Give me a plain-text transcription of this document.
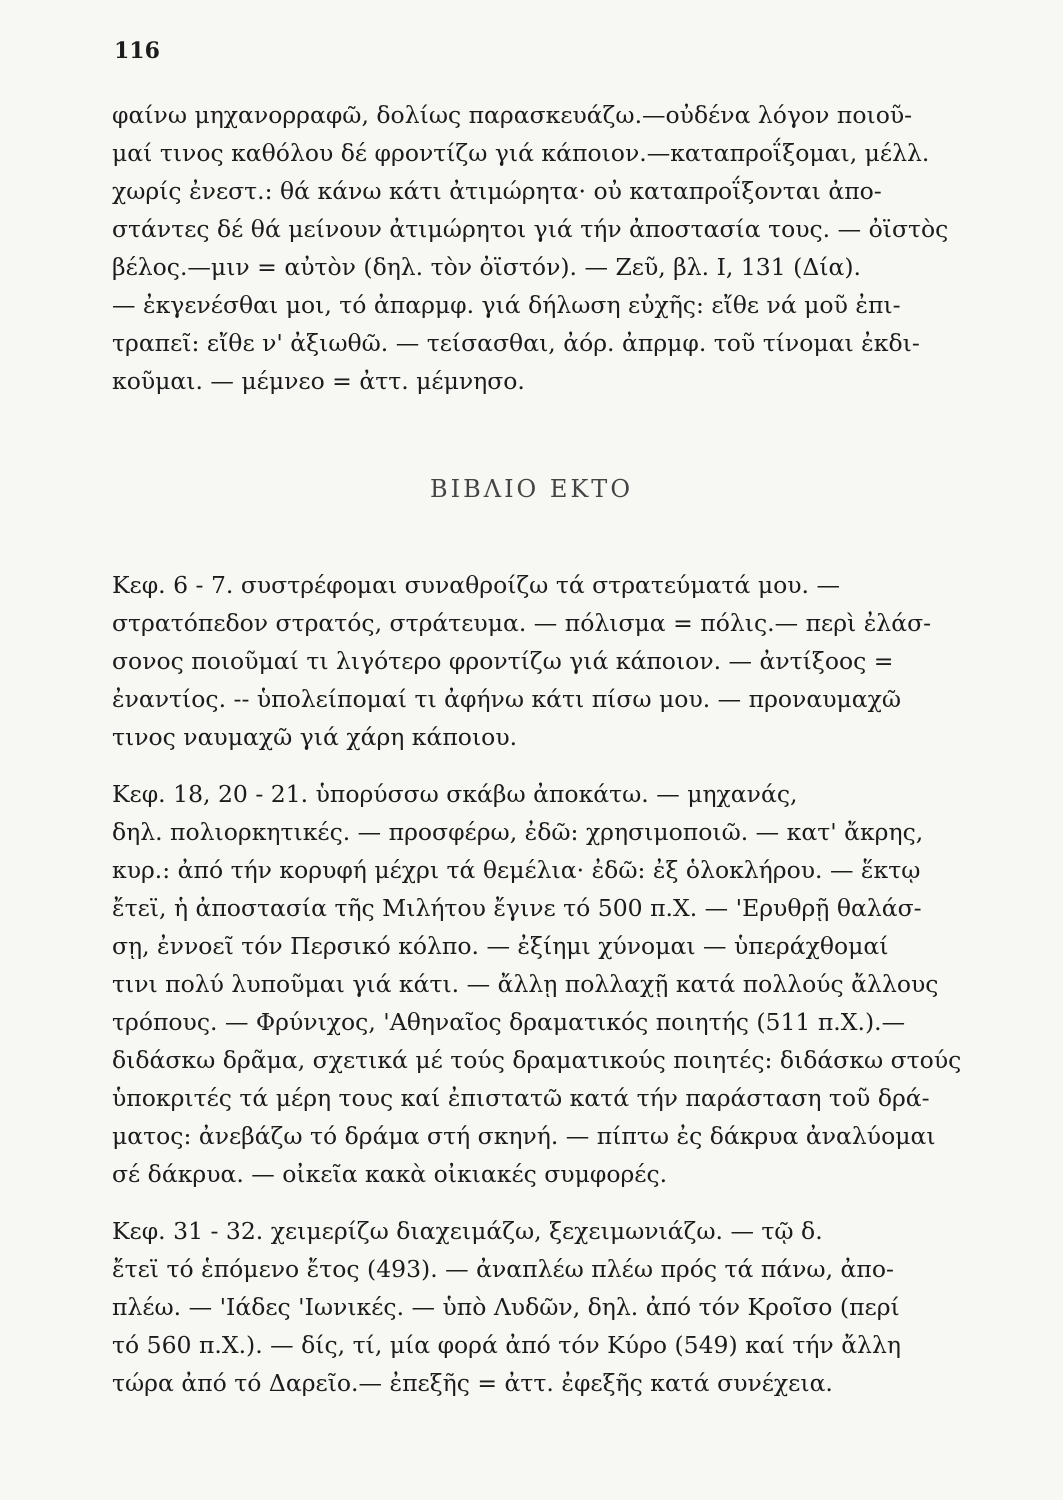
116
φαίνω μηχανορραφῶ, δολίως παρασκευάζω.—οὐδένα λόγον ποιοῦ-
μαί τινος καθόλου δέ φροντίζω γιά κάποιον.—καταπροΐξομαι, μέλλ.
χωρίς ἐνεστ.: θά κάνω κάτι ἀτιμώρητα· οὐ καταπροΐξονται ἀπο-
στάντες δέ θά μείνουν ἀτιμώρητοι γιά τήν ἀποστασία τους. — ὀϊστὸς
βέλος.—μιν = αὐτὸν (δηλ. τὸν ὀϊστόν). — Ζεῦ, βλ. Ι, 131 (Δία).
— ἐκγενέσθαι μοι, τό ἀπαρμφ. γιά δήλωση εὐχῆς: εἴθε νά μοῦ ἐπι-
τραπεῖ: εἴθε ν' ἀξιωθῶ. — τείσασθαι, ἀόρ. ἀπρμφ. τοῦ τίνομαι ἐκδι-
κοῦμαι. — μέμνεο = ἀττ. μέμνησο.
ΒΙΒΛΙΟ ΕΚΤΟ
Κεφ. 6 - 7. συστρέφομαι συναθροίζω τά στρατεύματά μου. —
στρατόπεδον στρατός, στράτευμα. — πόλισμα = πόλις.— περὶ ἐλάσ-
σονος ποιοῦμαί τι λιγότερο φροντίζω γιά κάποιον. — ἀντίξοος =
ἐναντίος. -- ὑπολείπομαί τι ἀφήνω κάτι πίσω μου. — προναυμαχῶ
τινος ναυμαχῶ γιά χάρη κάποιου.
Κεφ. 18, 20 - 21. ὑπορύσσω σκάβω ἀποκάτω. — μηχανάς,
δηλ. πολιορκητικές. — προσφέρω, ἐδῶ: χρησιμοποιῶ. — κατ' ἄκρης,
κυρ.: ἀπό τήν κορυφή μέχρι τά θεμέλια· ἐδῶ: ἐξ ὁλοκλήρου. — ἕκτῳ
ἔτεϊ, ἡ ἀποστασία τῆς Μιλήτου ἔγινε τό 500 π.Χ. — 'Ερυθρῇ θαλάσ-
σῃ, ἐννοεῖ τόν Περσικό κόλπο. — ἐξίημι χύνομαι — ὑπεράχθομαί
τινι πολύ λυποῦμαι γιά κάτι. — ἄλλῃ πολλαχῇ κατά πολλούς ἄλλους
τρόπους. — Φρύνιχος, 'Αθηναῖος δραματικός ποιητής (511 π.Χ.).—
διδάσκω δρᾶμα, σχετικά μέ τούς δραματικούς ποιητές: διδάσκω στούς
ὑποκριτές τά μέρη τους καί ἐπιστατῶ κατά τήν παράσταση τοῦ δρά-
ματος: ἀνεβάζω τό δράμα στή σκηνή. — πίπτω ἐς δάκρυα ἀναλύομαι
σέ δάκρυα. — οἰκεῖα κακὰ οἰκιακές συμφορές.
Κεφ. 31 - 32. χειμερίζω διαχειμάζω, ξεχειμωνιάζω. — τῷ δ.
ἔτεϊ τό ἑπόμενο ἔτος (493). — ἀναπλέω πλέω πρός τά πάνω, ἀπο-
πλέω. — 'Ιάδες 'Ιωνικές. — ὑπὸ Λυδῶν, δηλ. ἀπό τόν Κροῖσο (περί
τό 560 π.Χ.). — δίς, τί, μία φορά ἀπό τόν Κύρο (549) καί τήν ἄλλη
τώρα ἀπό τό Δαρεῖο.— ἐπεξῆς = ἀττ. ἐφεξῆς κατά συνέχεια.
